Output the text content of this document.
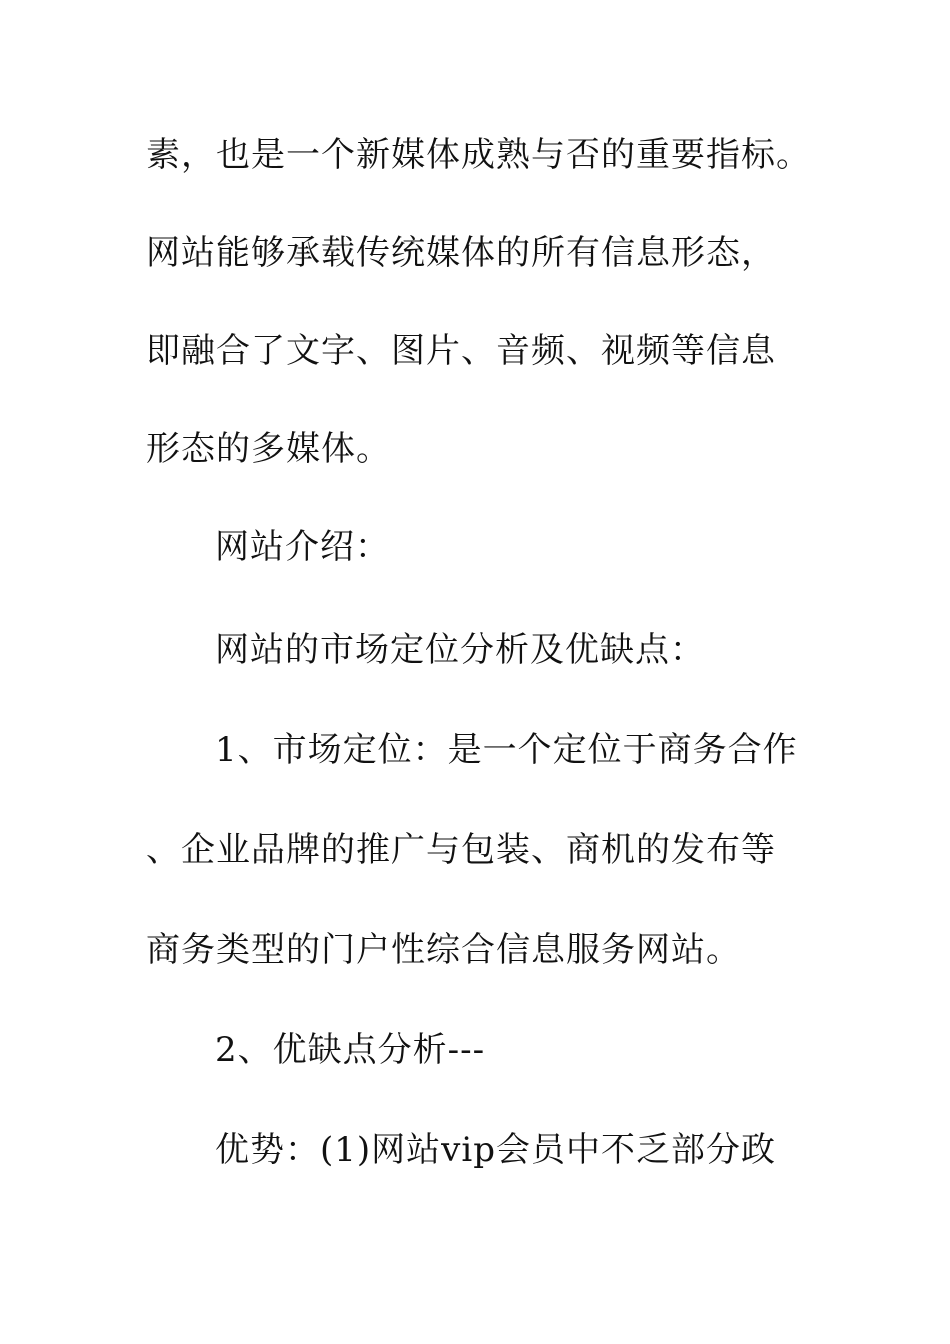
素，也是一个新媒体成熟与否的重要指标。
网站能够承载传统媒体的所有信息形态，
即融合了文字、图片、音频、视频等信息
形态的多媒体。
网站介绍：
网站的市场定位分析及优缺点：
1、市场定位：是一个定位于商务合作
、企业品牌的推广与包装、商机的发布等
商务类型的门户性综合信息服务网站。
2、优缺点分析---
优势：(1)网站vip会员中不乏部分政
